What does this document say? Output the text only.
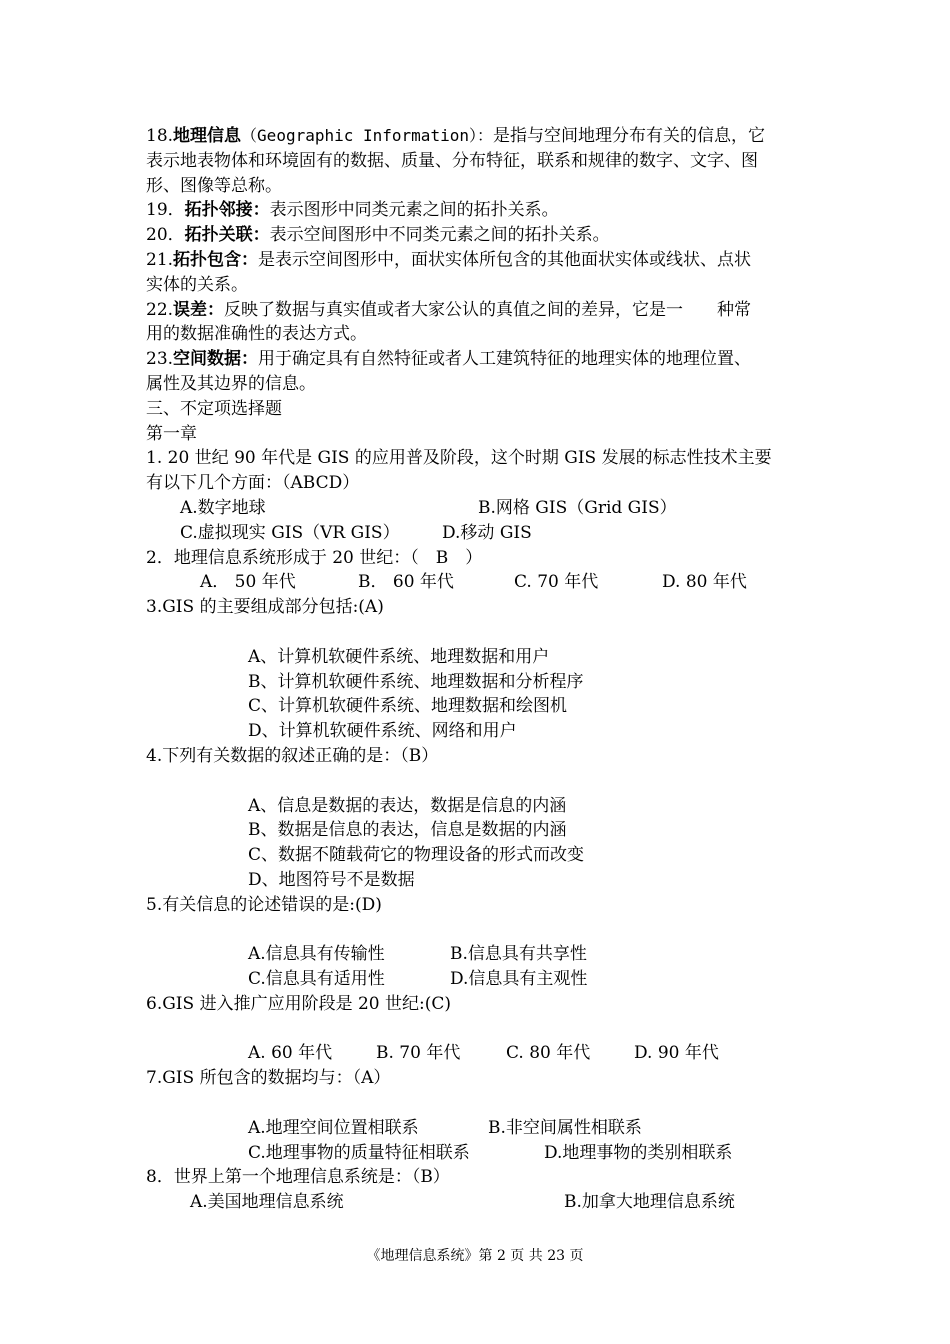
18.地理信息（Geographic Information）：是指与空间地理分布有关的信息，它
表示地表物体和环境固有的数据、质量、分布特征，联系和规律的数字、文字、图
形、图像等总称。
19．拓扑邻接：表示图形中同类元素之间的拓扑关系。
20．拓扑关联：表示空间图形中不同类元素之间的拓扑关系。
21.拓扑包含：是表示空间图形中，面状实体所包含的其他面状实体或线状、点状
实体的关系。
22.误差：反映了数据与真实值或者大家公认的真值之间的差异，它是一　　种常
用的数据准确性的表达方式。
23.空间数据：用于确定具有自然特征或者人工建筑特征的地理实体的地理位置、
属性及其边界的信息。
三、不定项选择题
第一章
1. 20 世纪 90 年代是 GIS 的应用普及阶段，这个时期 GIS 发展的标志性技术主要
有以下几个方面：（ABCD）
A.数字地球	B.网格 GIS（Grid GIS）
C.虚拟现实 GIS（VR GIS） D.移动 GIS
2．地理信息系统形成于 20 世纪：（　B　）
A． 50 年代	B． 60 年代	C. 70 年代	D. 80 年代
3.GIS 的主要组成部分包括:(A)
A、计算机软硬件系统、地理数据和用户
B、计算机软硬件系统、地理数据和分析程序
C、计算机软硬件系统、地理数据和绘图机
D、计算机软硬件系统、网络和用户
4.下列有关数据的叙述正确的是：（B）
A、信息是数据的表达，数据是信息的内涵
B、数据是信息的表达，信息是数据的内涵
C、数据不随载荷它的物理设备的形式而改变
D、地图符号不是数据
5.有关信息的论述错误的是:(D)
A.信息具有传输性	B.信息具有共享性
C.信息具有适用性	D.信息具有主观性
6.GIS 进入推广应用阶段是 20 世纪:(C)
A. 60 年代	B. 70 年代	C. 80 年代	D. 90 年代
7.GIS 所包含的数据均与：（A）
A.地理空间位置相联系	B.非空间属性相联系
C.地理事物的质量特征相联系	D.地理事物的类别相联系
8．世界上第一个地理信息系统是：（B）
A.美国地理信息系统	B.加拿大地理信息系统
《地理信息系统》第 2 页 共 23 页
